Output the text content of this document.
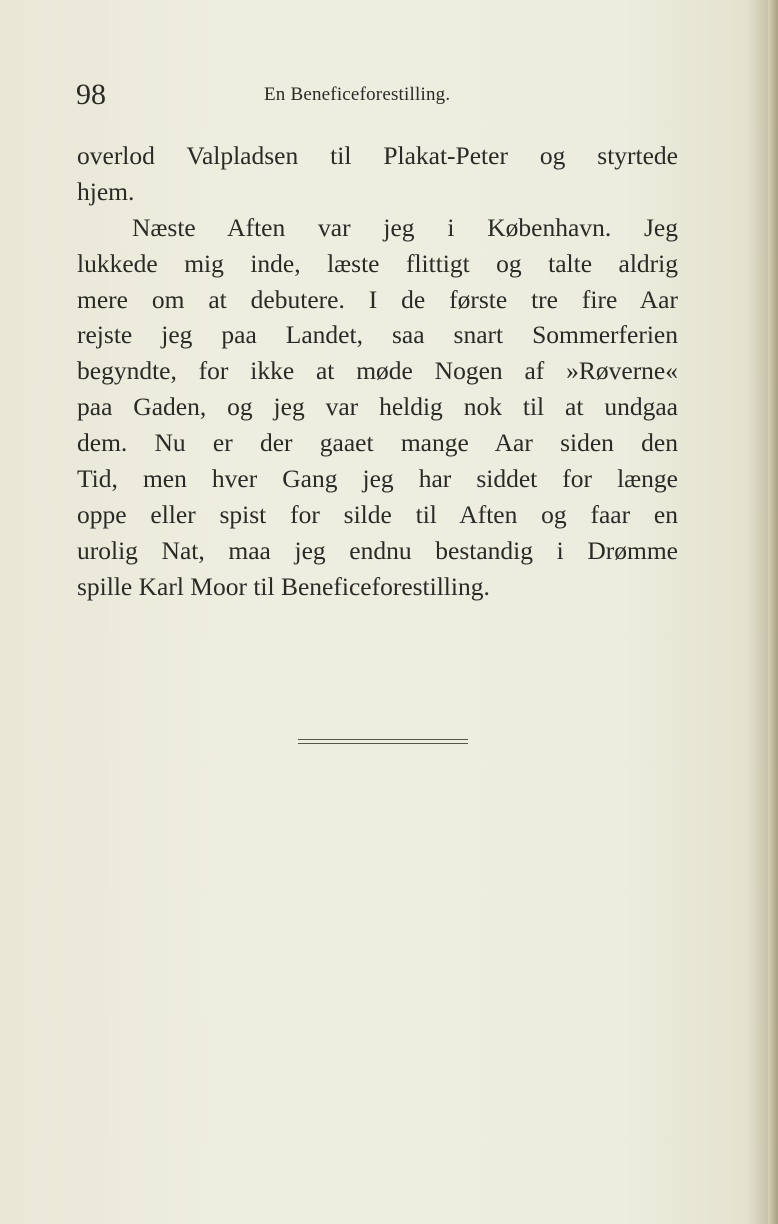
98	En Beneficeforestilling.
overlod Valpladsen til Plakat-Peter og styrtede
hjem.
Næste Aften var jeg i København. Jeg
lukkede mig inde, læste flittigt og talte aldrig
mere om at debutere. I de første tre fire Aar
rejste jeg paa Landet, saa snart Sommerferien
begyndte, for ikke at møde Nogen af »Røverne«
paa Gaden, og jeg var heldig nok til at undgaa
dem. Nu er der gaaet mange Aar siden den
Tid, men hver Gang jeg har siddet for længe
oppe eller spist for silde til Aften og faar en
urolig Nat, maa jeg endnu bestandig i Drømme
spille Karl Moor til Beneficeforestilling.
